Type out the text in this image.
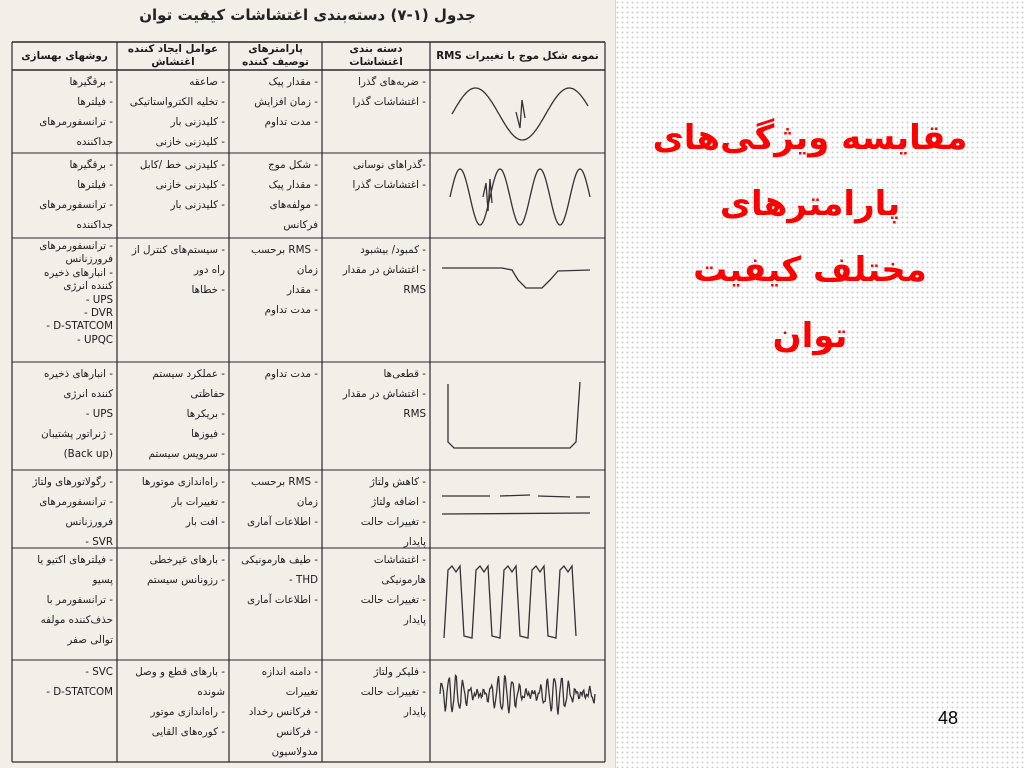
جدول (۱-۷) دسته‌بندی اغتشاشات کیفیت توان
نمونه شکل موج با تغییرات RMS
دسته بندی
اغتشاشات
پارامترهای
توصیف کننده
عوامل ایجاد کننده
اغتشاش
روشهای بهسازی
- برقگیرها
- فیلترها
- ترانسفورمرهای
جداکننده
- صاعقه
- تخلیه الکترواستاتیکی
- کلیدزنی بار
- کلیدزنی خازنی
- مقدار پیک
- زمان افزایش
- مدت تداوم
- ضربه‌های گذرا
- اغتشاشات گذرا
- برقگیرها
- فیلترها
- ترانسفورمرهای
جداکننده
- کلیدزنی خط /کابل
- کلیدزنی خازنی
- کلیدزنی بار
- شکل موج
- مقدار پیک
- مولفه‌های
فرکانس
-گذراهای نوسانی
- اغتشاشات گذرا
- ترانسفورمرهای
فرورزنانس
- انبارهای ذخیره
کننده انرژی
UPS -
DVR -
D-STATCOM -
UPQC -
- سیستم‌های کنترل از
راه دور
- خطاها
- RMS برحسب
زمان
- مقدار
- مدت تداوم
- کمبود/ بیشبود
- اغتشاش در مقدار
RMS
- انبارهای ذخیره
کننده انرژی
UPS -
- ژنراتور پشتیبان
(Back up)
- عملکرد سیستم
حفاظتی
- بریکرها
- فیوزها
- سرویس سیستم
- مدت تداوم	- قطعی‌ها
- اغتشاش در مقدار
RMS
- رگولاتورهای ولتاژ
- ترانسفورمرهای
فرورزنانس
SVR -
- راه‌اندازی موتورها
- تغییرات بار
- افت بار
- RMS برحسب
زمان
- اطلاعات آماری
- کاهش ولتاژ
- اضافه ولتاژ
- تغییرات حالت
پایدار
- فیلترهای اکتیو یا
پسیو
- ترانسفورمر با
حذف‌کننده مولفه
توالی صفر
- بارهای غیرخطی
- رزونانس سیستم
- طیف هارمونیکی
THD -
- اطلاعات آماری
- اغتشاشات
هارمونیکی
- تغییرات حالت
پایدار
SVC -
D-STATCOM -
- بارهای قطع و وصل
شونده
- راه‌اندازی موتور
- کوره‌های القایی
- دامنه اندازه
تغییرات
- فرکانس رخداد
- فرکانس
مدولاسیون
- فلیکر ولتاژ
- تغییرات حالت
پایدار
مقایسه ویژگی‌های
پارامترهای
مختلف کیفیت
توان
48
